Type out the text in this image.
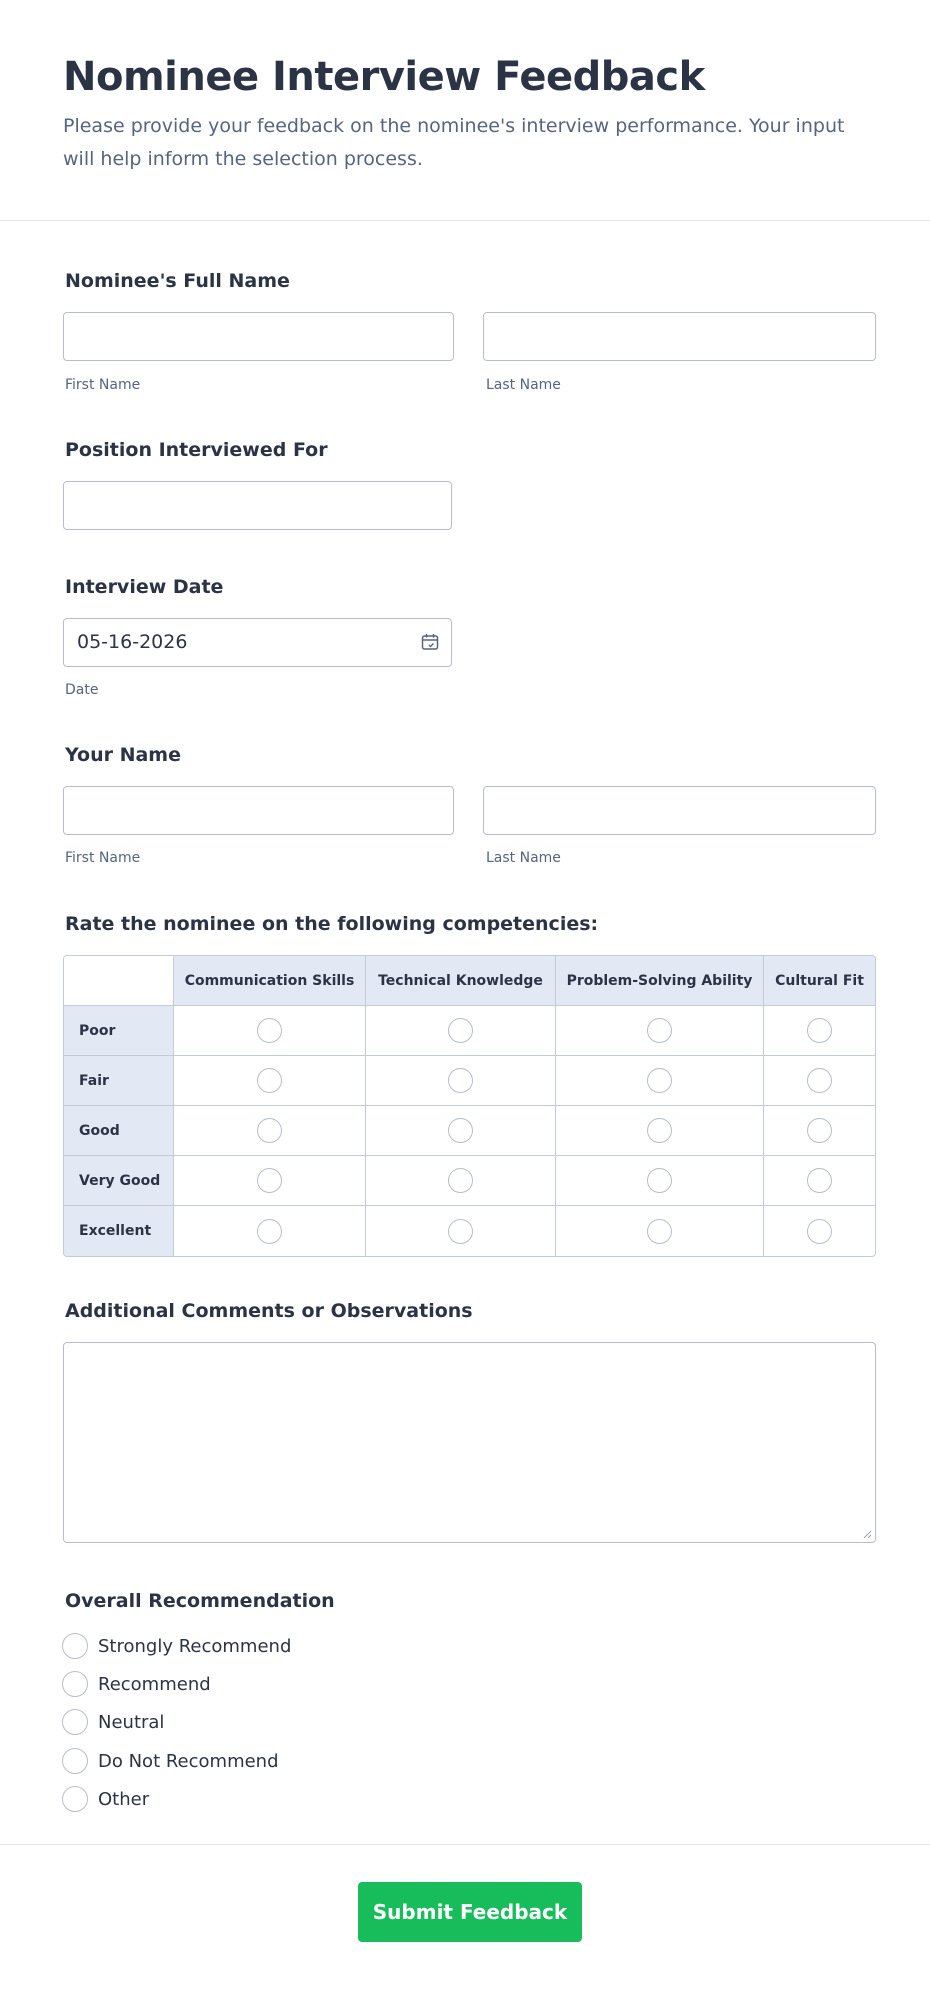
Nominee Interview Feedback
Please provide your feedback on the nominee's interview performance. Your input will help inform the selection process.
Nominee's Full Name
First Name	Last Name
Position Interviewed For
Interview Date
05-16-2026
Date
Your Name
First Name	Last Name
Rate the nominee on the following competencies:
	Communication Skills	Technical Knowledge	Problem-Solving Ability	Cultural Fit
Poor				
Fair				
Good				
Very Good				
Excellent				
Additional Comments or Observations
Overall Recommendation
Strongly Recommend
Recommend
Neutral
Do Not Recommend
Other
Submit Feedback
